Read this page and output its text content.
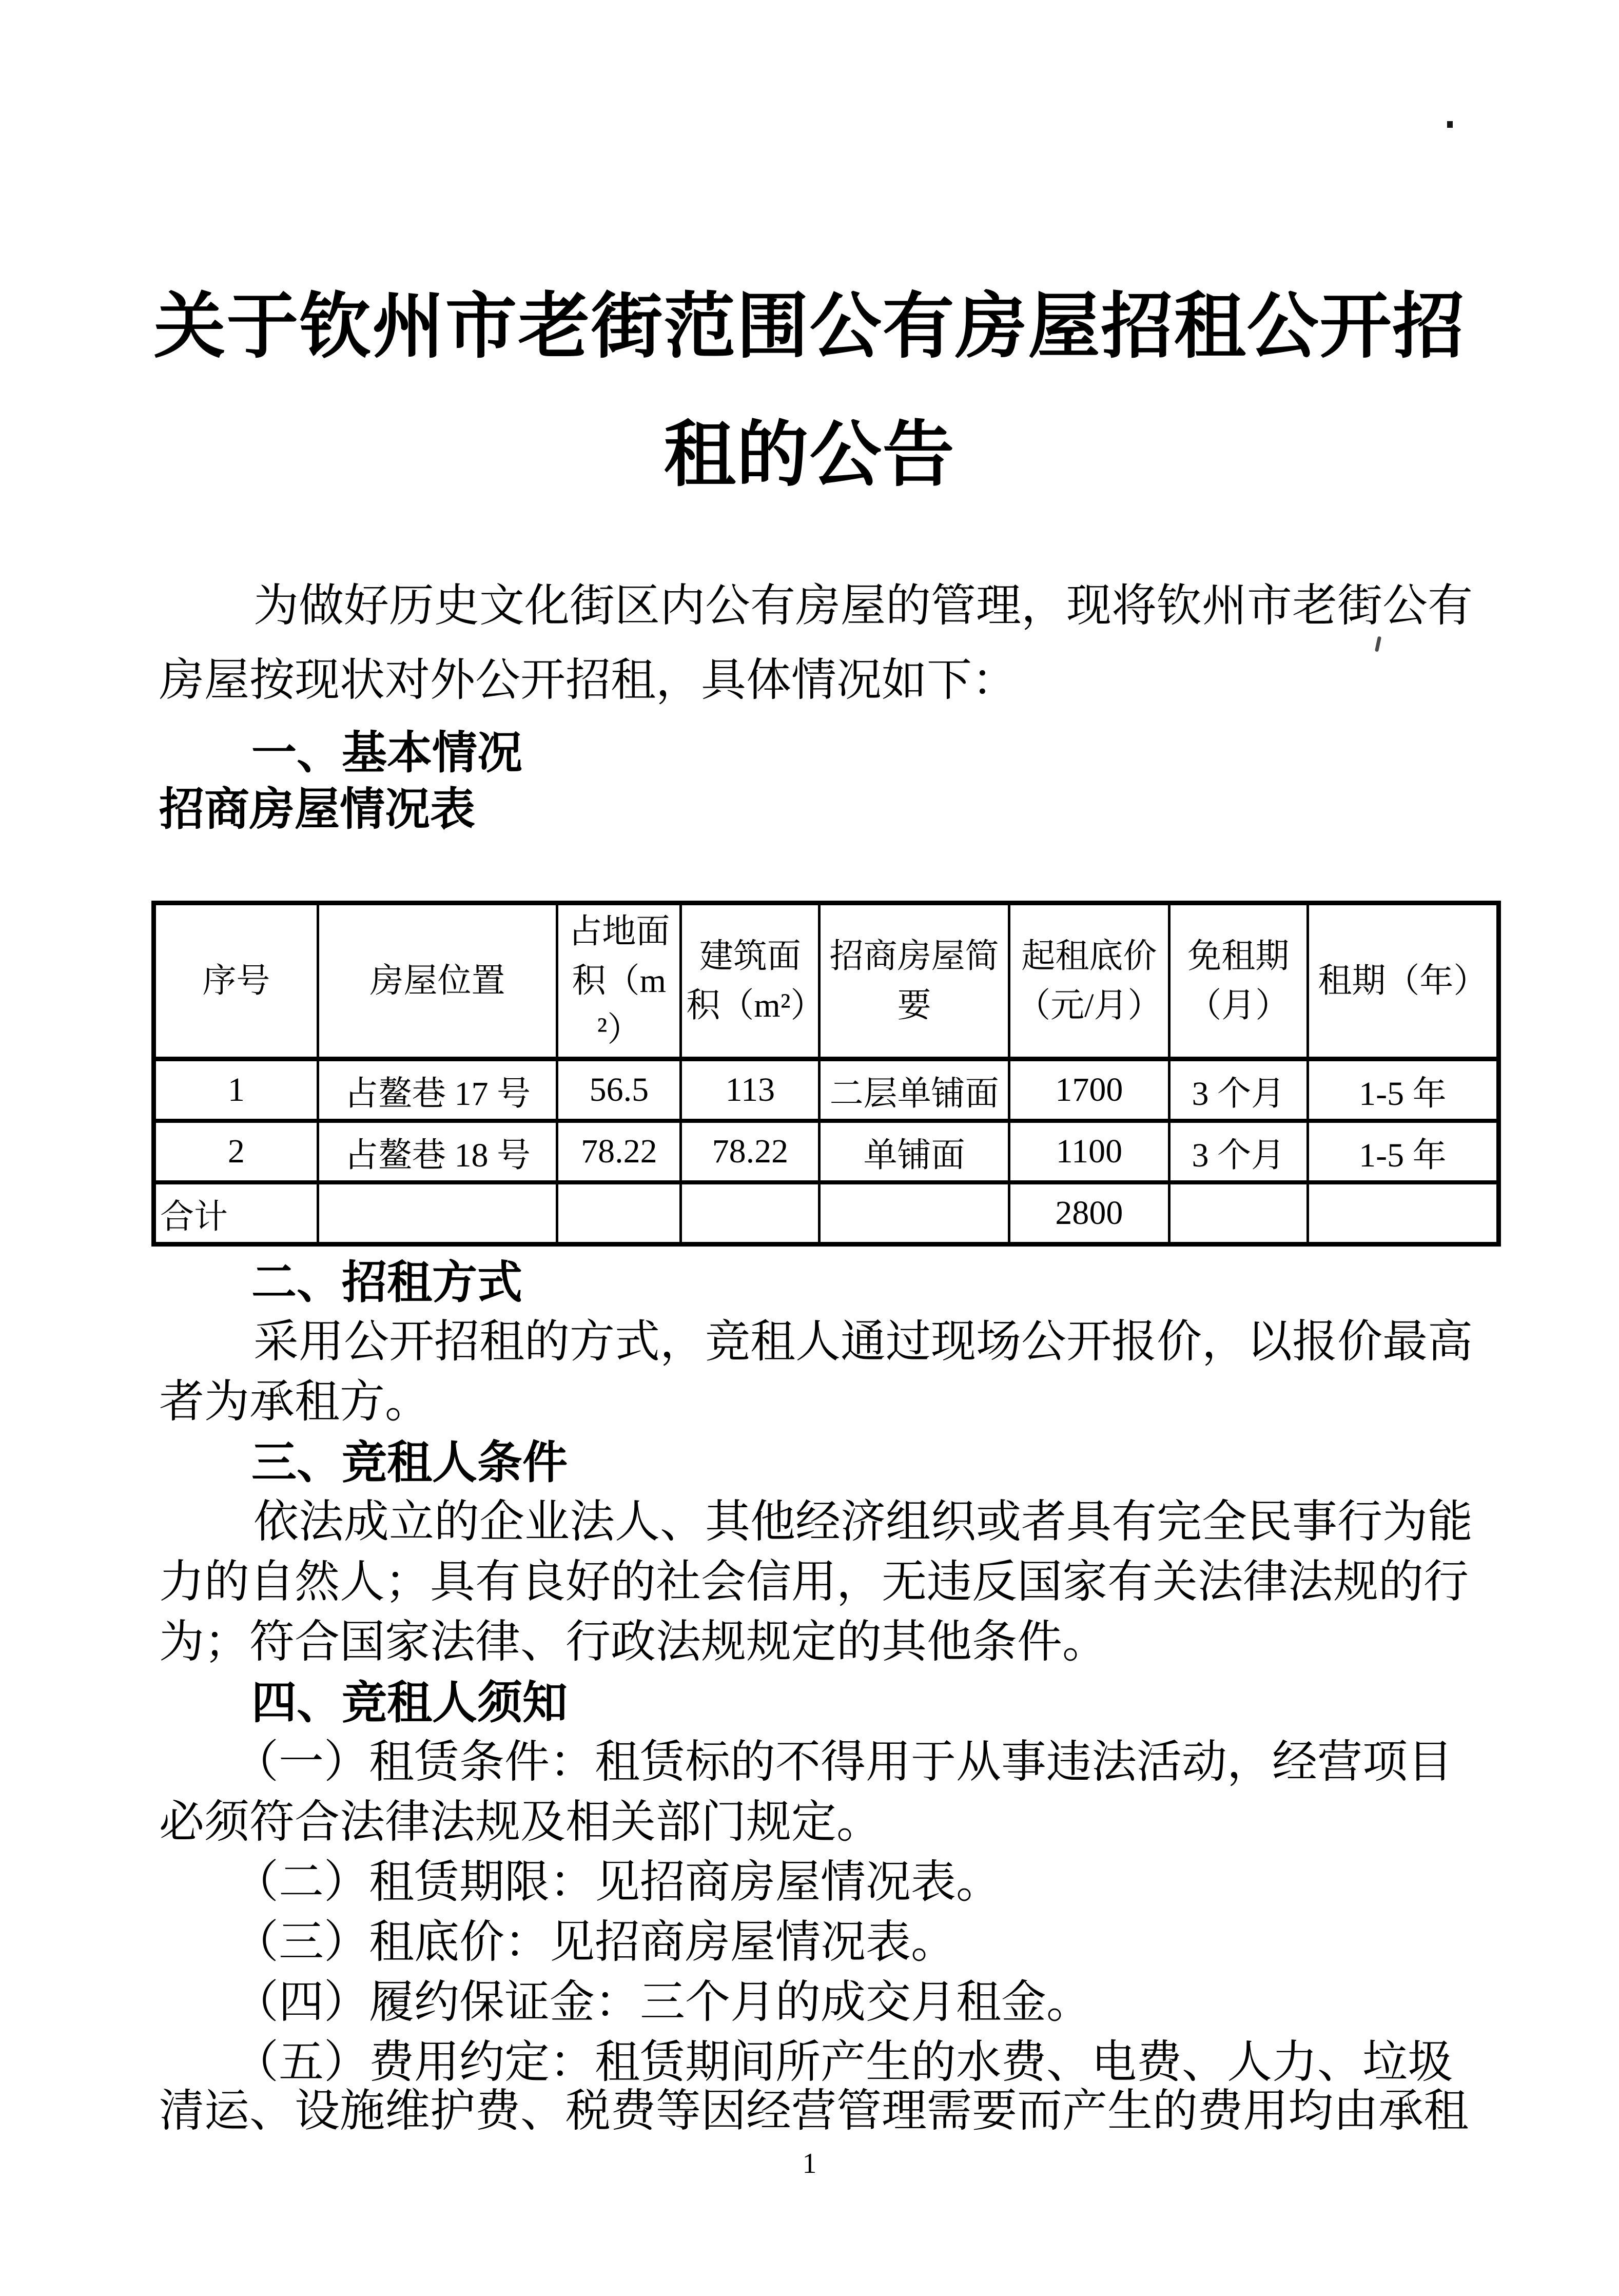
关于钦州市老街范围公有房屋招租公开招
租的公告
为做好历史文化街区内公有房屋的管理，现将钦州市老街公有
房屋按现状对外公开招租，具体情况如下：
一、基本情况
招商房屋情况表
序号	房屋位置	占地面积（m²）	建筑面积（m²）	招商房屋简要	起租底价（元/月）	免租期（月）	租期（年）
1	占鳌巷 17 号	56.5	113	二层单铺面	1700	3 个月	1-5 年
2	占鳌巷 18 号	78.22	78.22	单铺面	1100	3 个月	1-5 年
合计					2800		
二、招租方式
采用公开招租的方式，竞租人通过现场公开报价，以报价最高
者为承租方。
三、竞租人条件
依法成立的企业法人、其他经济组织或者具有完全民事行为能
力的自然人；具有良好的社会信用，无违反国家有关法律法规的行
为；符合国家法律、行政法规规定的其他条件。
四、竞租人须知
（一）租赁条件：租赁标的不得用于从事违法活动，经营项目
必须符合法律法规及相关部门规定。
（二）租赁期限：见招商房屋情况表。
（三）租底价：见招商房屋情况表。
（四）履约保证金：三个月的成交月租金。
（五）费用约定：租赁期间所产生的水费、电费、人力、垃圾
清运、设施维护费、税费等因经营管理需要而产生的费用均由承租
1
